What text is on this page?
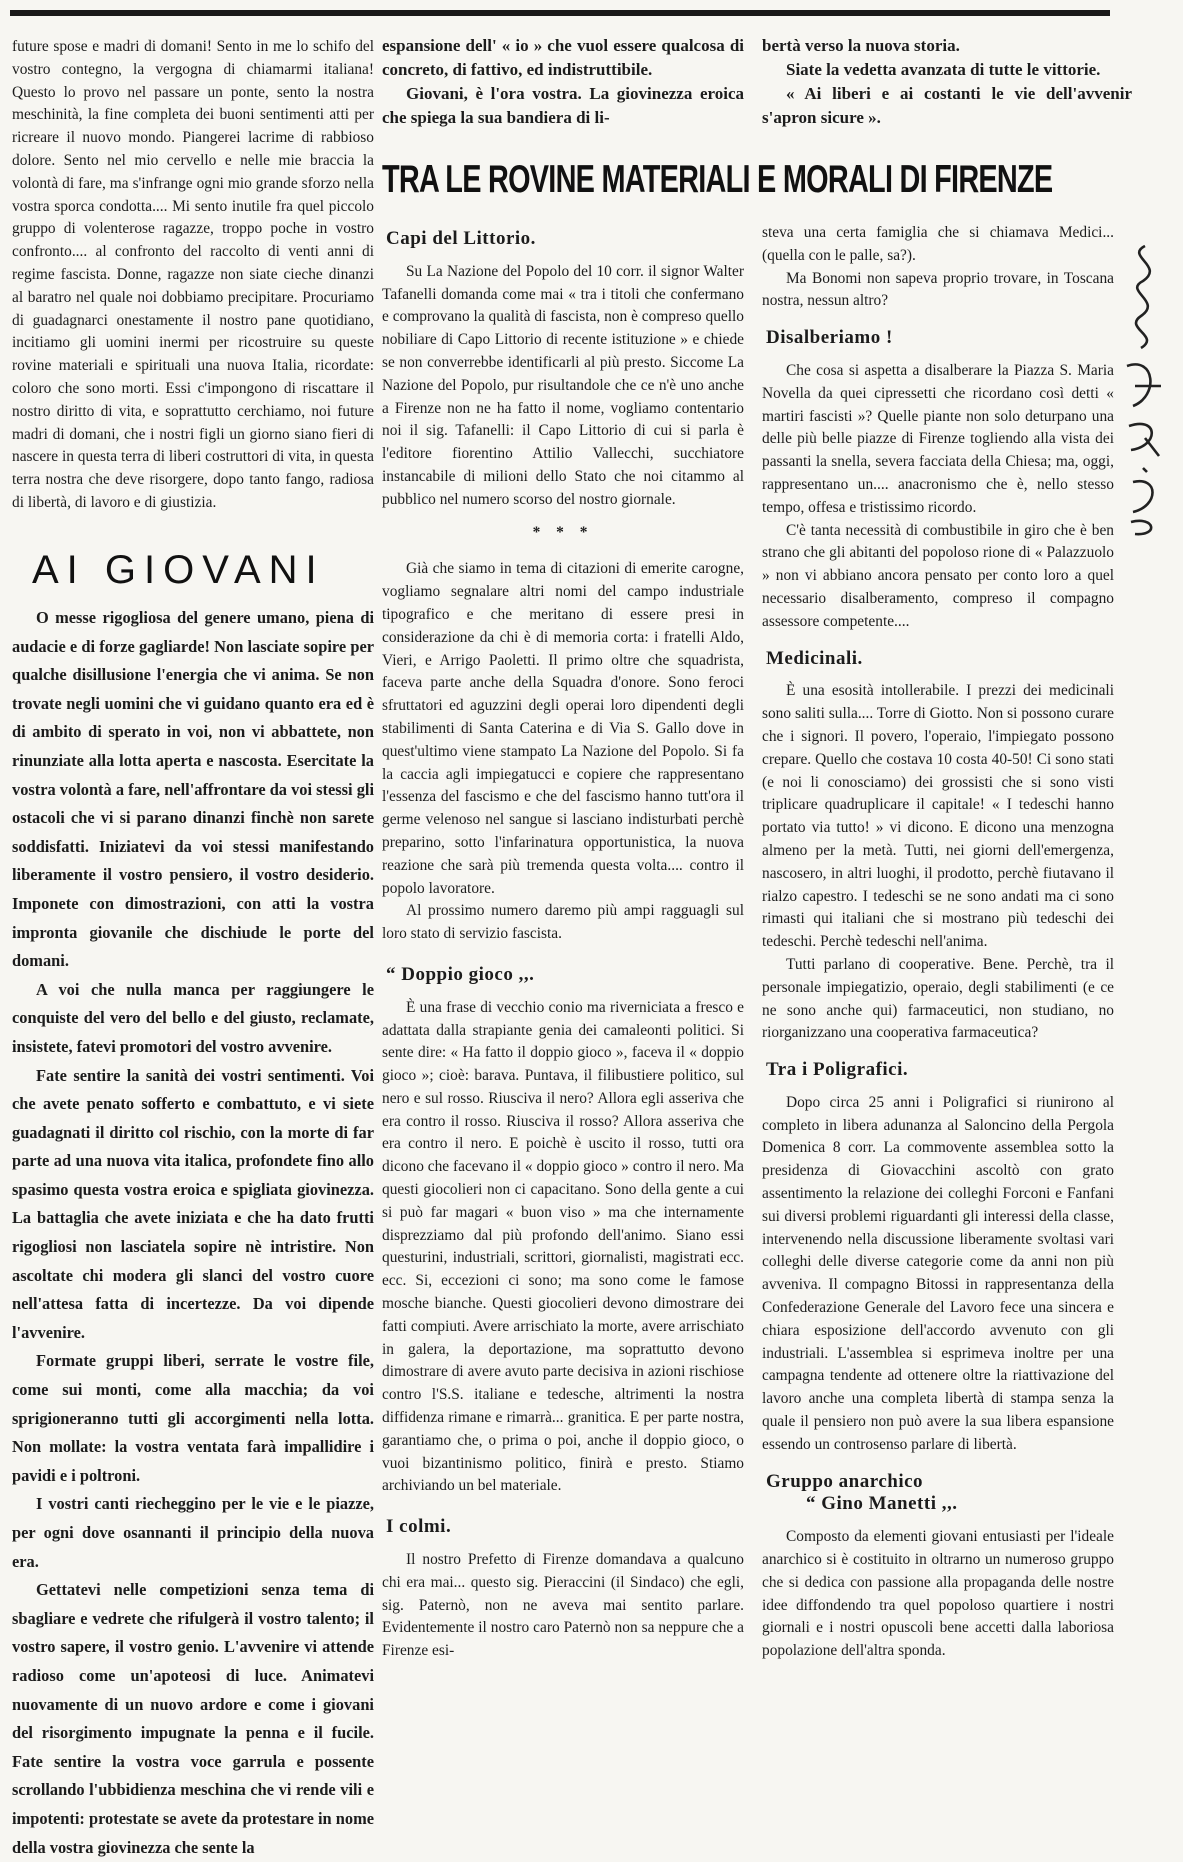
future spose e madri di domani! Sento in me lo schifo del vostro contegno, la vergogna di chiamarmi italiana! Questo lo provo nel passare un ponte, sento la nostra meschinità, la fine completa dei buoni sentimenti atti per ricreare il nuovo mondo. Piangerei lacrime di rabbioso dolore. Sento nel mio cervello e nelle mie braccia la volontà di fare, ma s'infrange ogni mio grande sforzo nella vostra sporca condotta.... Mi sento inutile fra quel piccolo gruppo di volenterose ragazze, troppo poche in vostro confronto.... al confronto del raccolto di venti anni di regime fascista. Donne, ragazze non siate cieche dinanzi al baratro nel quale noi dobbiamo precipitare. Procuriamo di guadagnarci onestamente il nostro pane quotidiano, incitiamo gli uomini inermi per ricostruire su queste rovine materiali e spirituali una nuova Italia, ricordate: coloro che sono morti. Essi c'impongono di riscattare il nostro diritto di vita, e soprattutto cerchiamo, noi future madri di domani, che i nostri figli un giorno siano fieri di nascere in questa terra di liberi costruttori di vita, in questa terra nostra che deve risorgere, dopo tanto fango, radiosa di libertà, di lavoro e di giustizia.

AI GIOVANI

O messe rigogliosa del genere umano, piena di audacie e di forze gagliarde! Non lasciate sopire per qualche disillusione l'energia che vi anima. Se non trovate negli uomini che vi guidano quanto era ed è di ambito di sperato in voi, non vi abbattete, non rinunziate alla lotta aperta e nascosta. Esercitate la vostra volontà a fare, nell'affrontare da voi stessi gli ostacoli che vi si parano dinanzi finchè non sarete soddisfatti. Iniziatevi da voi stessi manifestando liberamente il vostro pensiero, il vostro desiderio. Imponete con dimostrazioni, con atti la vostra impronta giovanile che dischiude le porte del domani.

A voi che nulla manca per raggiungere le conquiste del vero del bello e del giusto, reclamate, insistete, fatevi promotori del vostro avvenire.

Fate sentire la sanità dei vostri sentimenti. Voi che avete penato sofferto e combattuto, e vi siete guadagnati il diritto col rischio, con la morte di far parte ad una nuova vita italica, profondete fino allo spasimo questa vostra eroica e spigliata giovinezza. La battaglia che avete iniziata e che ha dato frutti rigogliosi non lasciatela sopire nè intristire. Non ascoltate chi modera gli slanci del vostro cuore nell'attesa fatta di incertezze. Da voi dipende l'avvenire.

Formate gruppi liberi, serrate le vostre file, come sui monti, come alla macchia; da voi sprigioneranno tutti gli accorgimenti nella lotta. Non mollate: la vostra ventata farà impallidire i pavidi e i poltroni.

I vostri canti riecheggino per le vie e le piazze, per ogni dove osannanti il principio della nuova era.

Gettatevi nelle competizioni senza tema di sbagliare e vedrete che rifulgerà il vostro talento; il vostro sapere, il vostro genio. L'avvenire vi attende radioso come un'apoteosi di luce. Animatevi nuovamente di un nuovo ardore e come i giovani del risorgimento impugnate la penna e il fucile. Fate sentire la vostra voce garrula e possente scrollando l'ubbidienza meschina che vi rende vili e impotenti: protestate se avete da protestare in nome della vostra giovinezza che sente la

espansione dell' « io » che vuol essere qualcosa di concreto, di fattivo, ed indistruttibile.

Giovani, è l'ora vostra. La giovinezza eroica che spiega la sua bandiera di li-

bertà verso la nuova storia.

Siate la vedetta avanzata di tutte le vittorie.

« Ai liberi e ai costanti le vie dell'avvenir s'apron sicure ».

TRA LE ROVINE MATERIALI E MORALI DI FIRENZE
Capi del Littorio.

Su La Nazione del Popolo del 10 corr. il signor Walter Tafanelli domanda come mai « tra i titoli che confermano e comprovano la qualità di fascista, non è compreso quello nobiliare di Capo Littorio di recente istituzione » e chiede se non converrebbe identificarli al più presto. Siccome La Nazione del Popolo, pur risultandole che ce n'è uno anche a Firenze non ne ha fatto il nome, vogliamo contentario noi il sig. Tafanelli: il Capo Littorio di cui si parla è l'editore fiorentino Attilio Vallecchi, succhiatore instancabile di milioni dello Stato che noi citammo al pubblico nel numero scorso del nostro giornale.

* * *

Già che siamo in tema di citazioni di emerite carogne, vogliamo segnalare altri nomi del campo industriale tipografico e che meritano di essere presi in considerazione da chi è di memoria corta: i fratelli Aldo, Vieri, e Arrigo Paoletti. Il primo oltre che squadrista, faceva parte anche della Squadra d'onore. Sono feroci sfruttatori ed aguzzini degli operai loro dipendenti degli stabilimenti di Santa Caterina e di Via S. Gallo dove in quest'ultimo viene stampato La Nazione del Popolo. Si fa la caccia agli impiegatucci e copiere che rappresentano l'essenza del fascismo e che del fascismo hanno tutt'ora il germe velenoso nel sangue si lasciano indisturbati perchè preparino, sotto l'infarinatura opportunistica, la nuova reazione che sarà più tremenda questa volta.... contro il popolo lavoratore.

Al prossimo numero daremo più ampi ragguagli sul loro stato di servizio fascista.

“ Doppio gioco ,,.

È una frase di vecchio conio ma riverniciata a fresco e adattata dalla strapiante genia dei camaleonti politici. Si sente dire: « Ha fatto il doppio gioco », faceva il « doppio gioco »; cioè: barava. Puntava, il filibustiere politico, sul nero e sul rosso. Riusciva il nero? Allora egli asseriva che era contro il rosso. Riusciva il rosso? Allora asseriva che era contro il nero. E poichè è uscito il rosso, tutti ora dicono che facevano il « doppio gioco » contro il nero. Ma questi giocolieri non ci capacitano. Sono della gente a cui si può far magari « buon viso » ma che internamente disprezziamo dal più profondo dell'animo. Siano essi questurini, industriali, scrittori, giornalisti, magistrati ecc. ecc. Si, eccezioni ci sono; ma sono come le famose mosche bianche. Questi giocolieri devono dimostrare dei fatti compiuti. Avere arrischiato la morte, avere arrischiato in galera, la deportazione, ma soprattutto devono dimostrare di avere avuto parte decisiva in azioni rischiose contro l'S.S. italiane e tedesche, altrimenti la nostra diffidenza rimane e rimarrà... granitica. E per parte nostra, garantiamo che, o prima o poi, anche il doppio gioco, o vuoi bizantinismo politico, finirà e presto. Stiamo archiviando un bel materiale.

I colmi.

Il nostro Prefetto di Firenze domandava a qualcuno chi era mai... questo sig. Pieraccini (il Sindaco) che egli, sig. Paternò, non ne aveva mai sentito parlare. Evidentemente il nostro caro Paternò non sa neppure che a Firenze esi-

steva una certa famiglia che si chiamava Medici... (quella con le palle, sa?).

Ma Bonomi non sapeva proprio trovare, in Toscana nostra, nessun altro?

Disalberiamo !

Che cosa si aspetta a disalberare la Piazza S. Maria Novella da quei cipressetti che ricordano così detti « martiri fascisti »? Quelle piante non solo deturpano una delle più belle piazze di Firenze togliendo alla vista dei passanti la snella, severa facciata della Chiesa; ma, oggi, rappresentano un.... anacronismo che è, nello stesso tempo, offesa e tristissimo ricordo.

C'è tanta necessità di combustibile in giro che è ben strano che gli abitanti del popoloso rione di « Palazzuolo » non vi abbiano ancora pensato per conto loro a quel necessario disalberamento, compreso il compagno assessore competente....

Medicinali.

È una esosità intollerabile. I prezzi dei medicinali sono saliti sulla.... Torre di Giotto. Non si possono curare che i signori. Il povero, l'operaio, l'impiegato possono crepare. Quello che costava 10 costa 40-50! Ci sono stati (e noi li conosciamo) dei grossisti che si sono visti triplicare quadruplicare il capitale! « I tedeschi hanno portato via tutto! » vi dicono. E dicono una menzogna almeno per la metà. Tutti, nei giorni dell'emergenza, nascosero, in altri luoghi, il prodotto, perchè fiutavano il rialzo capestro. I tedeschi se ne sono andati ma ci sono rimasti qui italiani che si mostrano più tedeschi dei tedeschi. Perchè tedeschi nell'anima.

Tutti parlano di cooperative. Bene. Perchè, tra il personale impiegatizio, operaio, degli stabilimenti (e ce ne sono anche qui) farmaceutici, non studiano, no riorganizzano una cooperativa farmaceutica?

Tra i Poligrafici.

Dopo circa 25 anni i Poligrafici si riunirono al completo in libera adunanza al Saloncino della Pergola Domenica 8 corr. La commovente assemblea sotto la presidenza di Giovacchini ascoltò con grato assentimento la relazione dei colleghi Forconi e Fanfani sui diversi problemi riguardanti gli interessi della classe, intervenendo nella discussione liberamente svoltasi vari colleghi delle diverse categorie come da anni non più avveniva. Il compagno Bitossi in rappresentanza della Confederazione Generale del Lavoro fece una sincera e chiara esposizione dell'accordo avvenuto con gli industriali. L'assemblea si esprimeva inoltre per una campagna tendente ad ottenere oltre la riattivazione del lavoro anche una completa libertà di stampa senza la quale il pensiero non può avere la sua libera espansione essendo un controsenso parlare di libertà.

Gruppo anarchico
“ Gino Manetti ,,.

Composto da elementi giovani entusiasti per l'ideale anarchico si è costituito in oltrarno un numeroso gruppo che si dedica con passione alla propaganda delle nostre idee diffondendo tra quel popoloso quartiere i nostri giornali e i nostri opuscoli bene accetti dalla laboriosa popolazione dell'altra sponda.
